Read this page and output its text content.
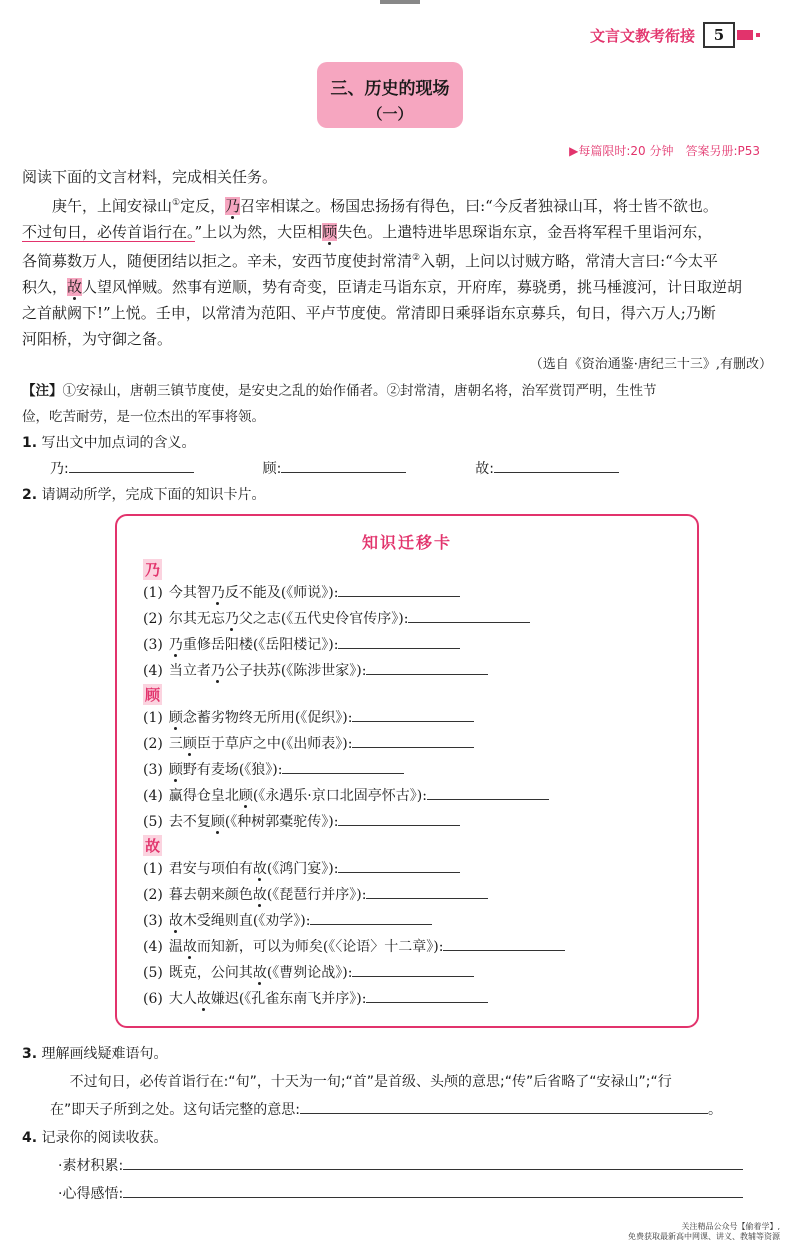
文言文教考衔接	5
三、历史的现场
（一）
▶每篇限时:20 分钟　答案另册:P53

阅读下面的文言材料，完成相关任务。

庚午，上闻安禄山①定反，乃召宰相谋之。杨国忠扬扬有得色，曰:“今反者独禄山耳，将士皆不欲也。

不过旬日，必传首诣行在。”上以为然，大臣相顾失色。上遣特进毕思琛诣东京，金吾将军程千里诣河东，

各简募数万人，随便团结以拒之。辛未，安西节度使封常清②入朝，上问以讨贼方略，常清大言曰:“今太平

积久，故人望风惮贼。然事有逆顺，势有奇变，臣请走马诣东京，开府库，募骁勇，挑马棰渡河，计日取逆胡

之首献阙下!”上悦。壬申，以常清为范阳、平卢节度使。常清即日乘驿诣东京募兵，旬日，得六万人;乃断

河阳桥，为守御之备。

（选自《资治通鉴·唐纪三十三》,有删改）

【注】①安禄山，唐朝三镇节度使，是安史之乱的始作俑者。②封常清，唐朝名将，治军赏罚严明，生性节

俭，吃苦耐劳，是一位杰出的军事将领。

1. 写出文中加点词的含义。

乃:	顾:	故:

2. 请调动所学，完成下面的知识卡片。

知识迁移卡
乃
(1) 今其智乃反不能及(《师说》):
(2) 尔其无忘乃父之志(《五代史伶官传序》):
(3) 乃重修岳阳楼(《岳阳楼记》):
(4) 当立者乃公子扶苏(《陈涉世家》):
顾
(1) 顾念蓄劣物终无所用(《促织》):
(2) 三顾臣于草庐之中(《出师表》):
(3) 顾野有麦场(《狼》):
(4) 赢得仓皇北顾(《永遇乐·京口北固亭怀古》):
(5) 去不复顾(《种树郭橐驼传》):
故
(1) 君安与项伯有故(《鸿门宴》):
(2) 暮去朝来颜色故(《琵琶行并序》):
(3) 故木受绳则直(《劝学》):
(4) 温故而知新，可以为师矣(《〈论语〉十二章》):
(5) 既克，公问其故(《曹刿论战》):
(6) 大人故嫌迟(《孔雀东南飞并序》):

3. 理解画线疑难语句。

不过旬日，必传首诣行在:“旬”，十天为一旬;“首”是首级、头颅的意思;“传”后省略了“安禄山”;“行

在”即天子所到之处。这句话完整的意思:	。

4. 记录你的阅读收获。

·素材积累:

·心得感悟:

关注精品公众号【偷着学】,
免费获取最新高中网课、讲义、教辅等资源
